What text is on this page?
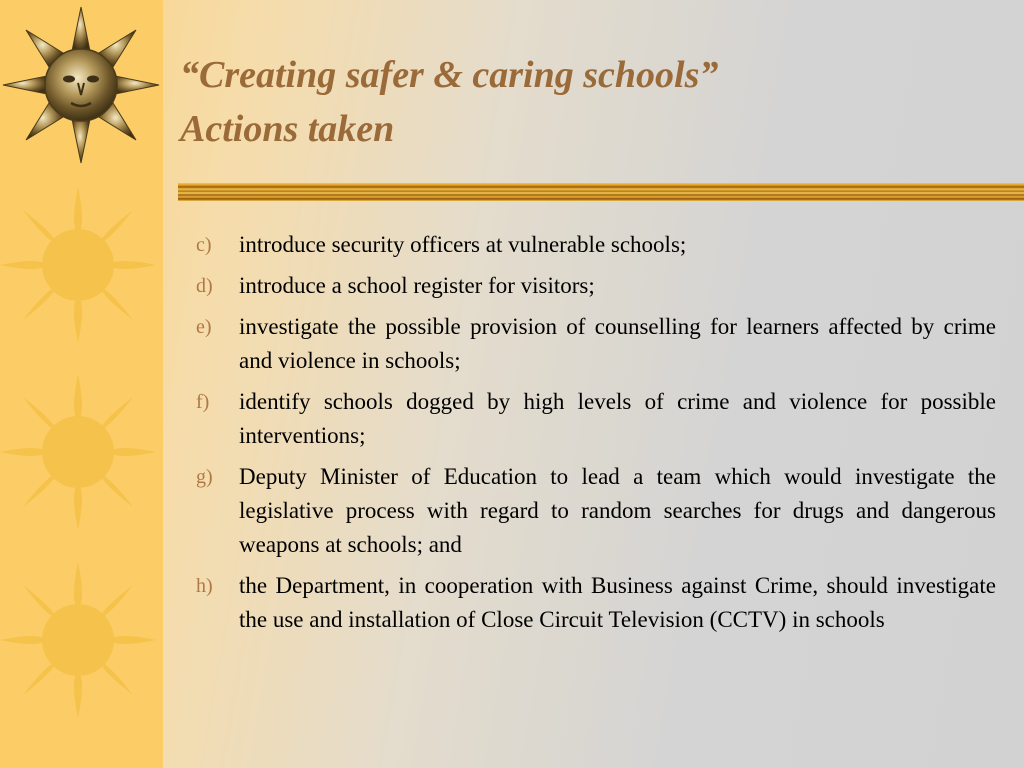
“Creating safer & caring schools”
Actions taken
c)	introduce security officers at vulnerable schools;
d)	introduce a school register for visitors;
e)	investigate the possible provision of counselling for learners affected by crime and violence in schools;
f)	identify schools dogged by high levels of crime and violence for possible interventions;
g)	Deputy Minister of Education to lead a team which would investigate the legislative process with regard to random searches for drugs and dangerous weapons at schools; and
h)	the Department, in cooperation with Business against Crime, should investigate the use and installation of Close Circuit Television (CCTV) in schools
